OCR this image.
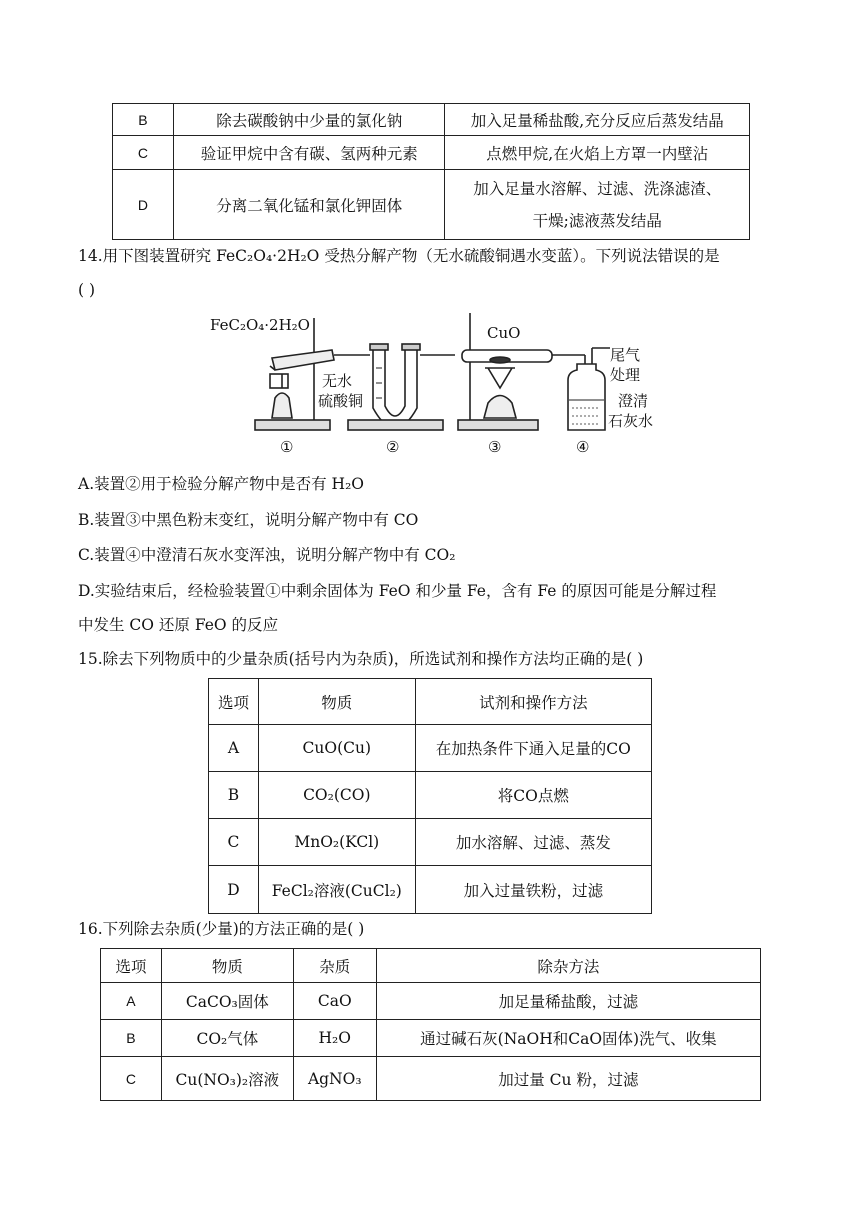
B	除去碳酸钠中少量的氯化钠	加入足量稀盐酸,充分反应后蒸发结晶
C	验证甲烷中含有碳、氢两种元素	点燃甲烷,在火焰上方罩一内壁沾
D	分离二氧化锰和氯化钾固体	加入足量水溶解、过滤、洗涤滤渣、
干燥;滤液蒸发结晶
14.用下图装置研究 FeC₂O₄·2H₂O 受热分解产物（无水硫酸铜遇水变蓝）。下列说法错误的是
( )
FeC₂O₄·2H₂O	CuO
无水
硫酸铜
尾气
处理
澄清
石灰水
①	②	③	④
A.装置②用于检验分解产物中是否有 H₂O
B.装置③中黑色粉末变红，说明分解产物中有 CO
C.装置④中澄清石灰水变浑浊，说明分解产物中有 CO₂
D.实验结束后，经检验装置①中剩余固体为 FeO 和少量 Fe，含有 Fe 的原因可能是分解过程
中发生 CO 还原 FeO 的反应
15.除去下列物质中的少量杂质(括号内为杂质)，所选试剂和操作方法均正确的是( )
选项	物质	试剂和操作方法
A	CuO(Cu)	在加热条件下通入足量的CO
B	CO₂(CO)	将CO点燃
C	MnO₂(KCl)	加水溶解、过滤、蒸发
D	FeCl₂溶液(CuCl₂)	加入过量铁粉，过滤
16.下列除去杂质(少量)的方法正确的是( )
选项	物质	杂质	除杂方法
A	CaCO₃固体	CaO	加足量稀盐酸，过滤
B	CO₂气体	H₂O	通过碱石灰(NaOH和CaO固体)洗气、收集
C	Cu(NO₃)₂溶液	AgNO₃	加过量 Cu 粉，过滤
